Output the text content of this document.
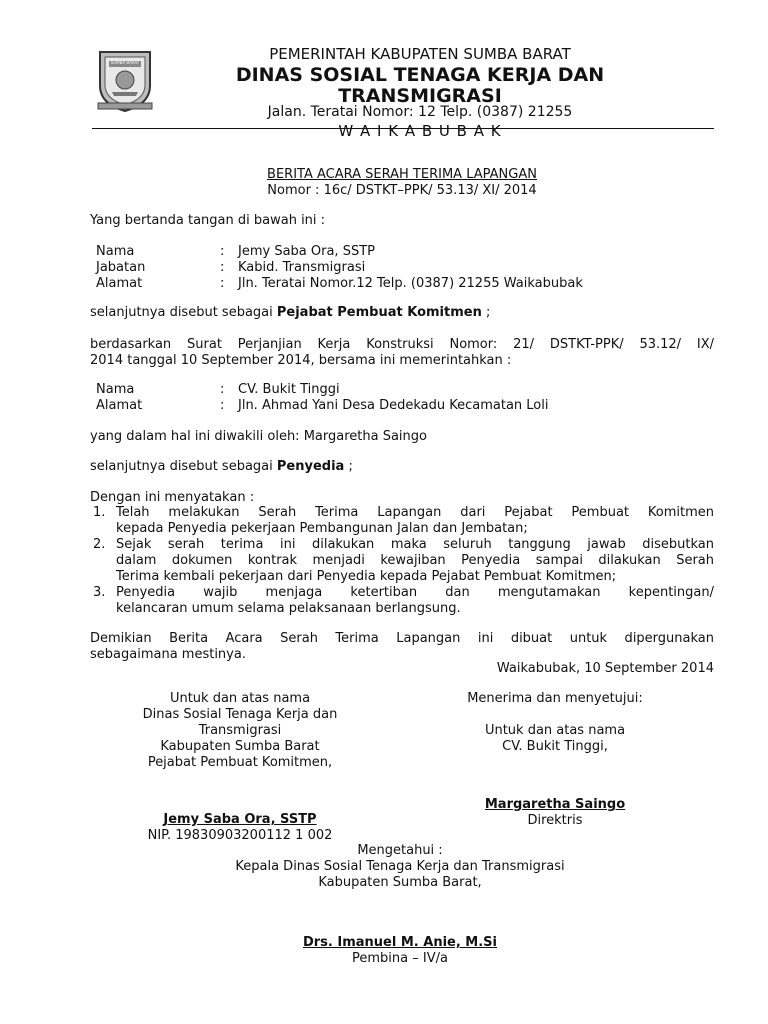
SUMBA BARAT	PEMERINTAH KABUPATEN SUMBA BARAT
DINAS SOSIAL TENAGA KERJA DAN
TRANSMIGRASI
Jalan. Teratai Nomor: 12 Telp. (0387) 21255
W A I K A B U B A K
BERITA ACARA SERAH TERIMA LAPANGAN
Nomor : 16c/ DSTKT–PPK/ 53.13/ XI/ 2014
Yang bertanda tangan di bawah ini :
Nama	: Jemy Saba Ora, SSTP
Jabatan	: Kabid. Transmigrasi
Alamat	: Jln. Teratai Nomor.12 Telp. (0387) 21255 Waikabubak
selanjutnya disebut sebagai Pejabat Pembuat Komitmen ;
berdasarkan Surat Perjanjian Kerja Konstruksi Nomor: 21/ DSTKT-PPK/ 53.12/ IX/
2014 tanggal 10 September 2014, bersama ini memerintahkan :
Nama	: CV. Bukit Tinggi
Alamat	: Jln. Ahmad Yani Desa Dedekadu Kecamatan Loli
yang dalam hal ini diwakili oleh: Margaretha Saingo
selanjutnya disebut sebagai Penyedia ;
Dengan ini menyatakan :
1. Telah melakukan Serah Terima Lapangan dari Pejabat Pembuat Komitmen
kepada Penyedia pekerjaan Pembangunan Jalan dan Jembatan;
2. Sejak serah terima ini dilakukan maka seluruh tanggung jawab disebutkan
dalam dokumen kontrak menjadi kewajiban Penyedia sampai dilakukan Serah
Terima kembali pekerjaan dari Penyedia kepada Pejabat Pembuat Komitmen;
3. Penyedia wajib menjaga ketertiban dan mengutamakan kepentingan/
kelancaran umum selama pelaksanaan berlangsung.
Demikian Berita Acara Serah Terima Lapangan ini dibuat untuk dipergunakan
sebagaimana mestinya.
Waikabubak, 10 September 2014
Untuk dan atas nama
Dinas Sosial Tenaga Kerja dan
Transmigrasi
Kabupaten Sumba Barat
Pejabat Pembuat Komitmen,
Jemy Saba Ora, SSTP
NIP. 19830903200112 1 002
Menerima dan menyetujui:
Untuk dan atas nama
CV. Bukit Tinggi,
Margaretha Saingo
Direktris
Mengetahui :
Kepala Dinas Sosial Tenaga Kerja dan Transmigrasi
Kabupaten Sumba Barat,
Drs. Imanuel M. Anie, M.Si
Pembina – IV/a
